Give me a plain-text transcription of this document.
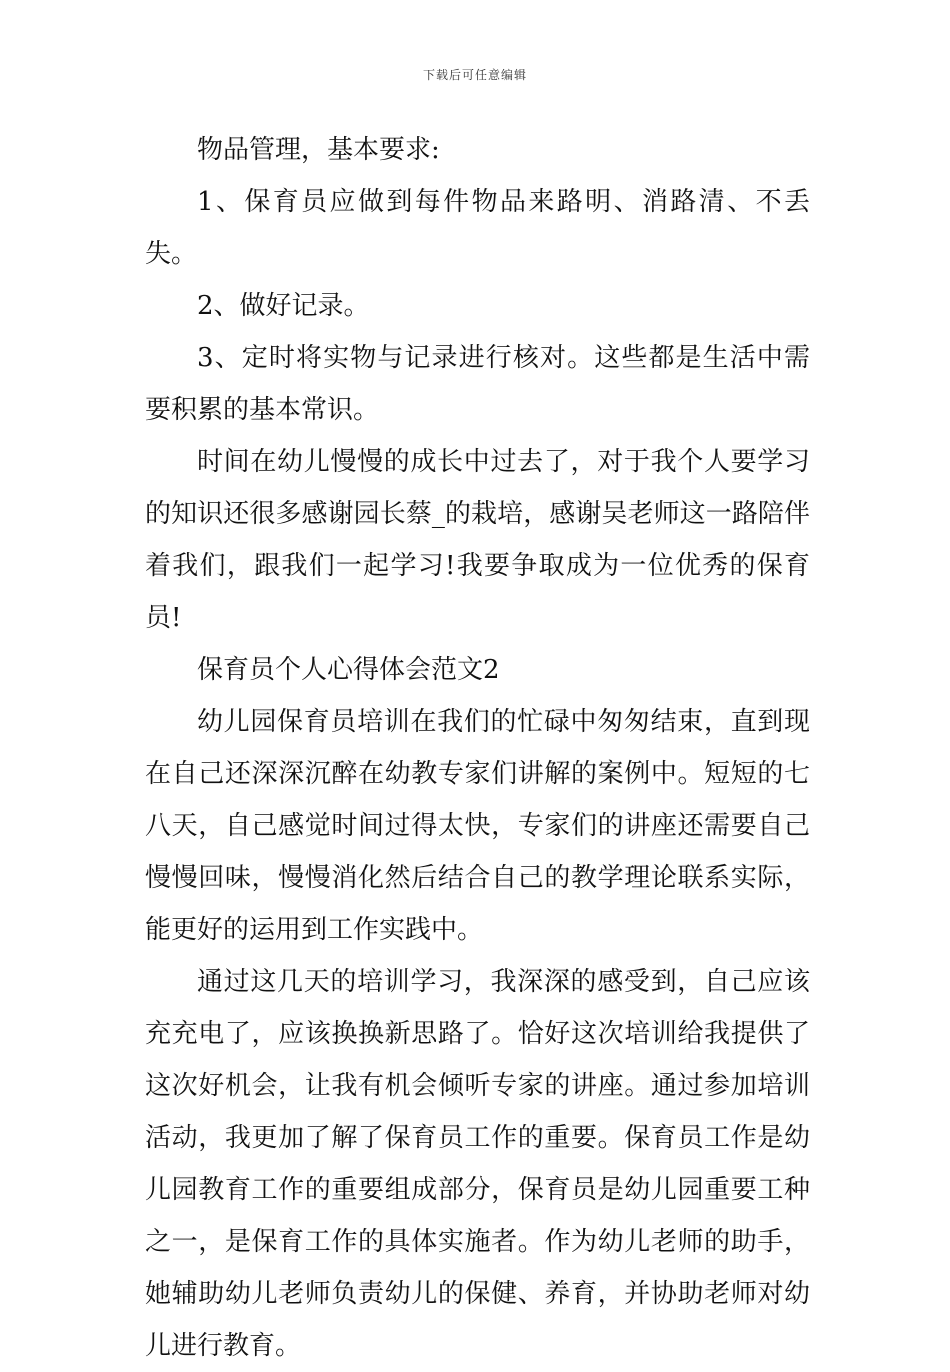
下载后可任意编辑

物品管理，基本要求:

1、保育员应做到每件物品来路明、消路清、不丢失。

2、做好记录。

3、定时将实物与记录进行核对。这些都是生活中需要积累的基本常识。

时间在幼儿慢慢的成长中过去了，对于我个人要学习的知识还很多感谢园长蔡_的栽培，感谢吴老师这一路陪伴着我们，跟我们一起学习!我要争取成为一位优秀的保育员!

保育员个人心得体会范文2

幼儿园保育员培训在我们的忙碌中匆匆结束，直到现在自己还深深沉醉在幼教专家们讲解的案例中。短短的七八天，自己感觉时间过得太快，专家们的讲座还需要自己慢慢回味，慢慢消化然后结合自己的教学理论联系实际，能更好的运用到工作实践中。

通过这几天的培训学习，我深深的感受到，自己应该充充电了，应该换换新思路了。恰好这次培训给我提供了这次好机会，让我有机会倾听专家的讲座。通过参加培训活动，我更加了解了保育员工作的重要。保育员工作是幼儿园教育工作的重要组成部分，保育员是幼儿园重要工种之一，是保育工作的具体实施者。作为幼儿老师的助手，她辅助幼儿老师负责幼儿的保健、养育，并协助老师对幼儿进行教育。
